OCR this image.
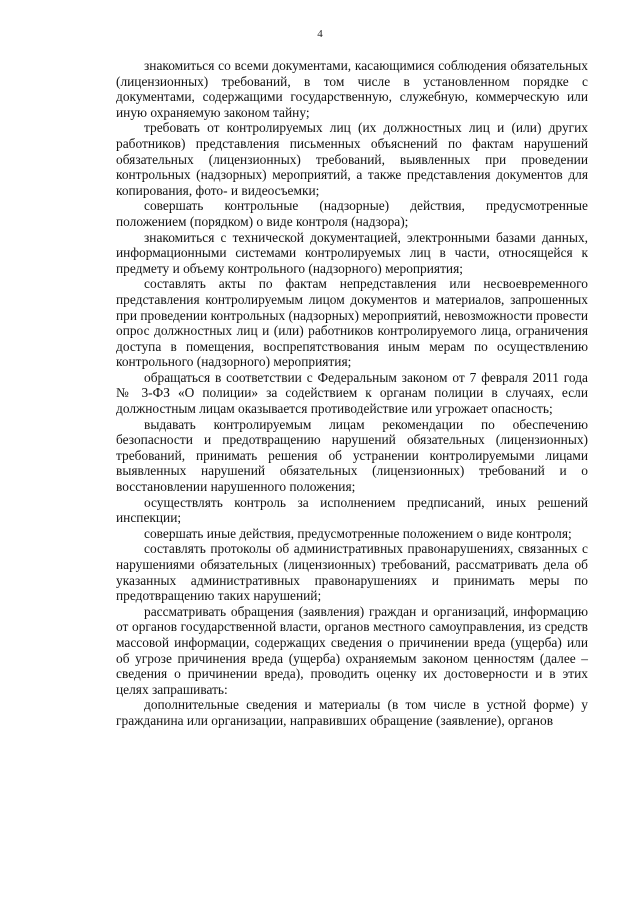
4

знакомиться со всеми документами, касающимися соблюдения обязательных (лицензионных) требований, в том числе в установленном порядке с документами, содержащими государственную, служебную, коммерческую или иную охраняемую законом тайну;

требовать от контролируемых лиц (их должностных лиц и (или) других работников) представления письменных объяснений по фактам нарушений обязательных (лицензионных) требований, выявленных при проведении контрольных (надзорных) мероприятий, а также представления документов для копирования, фото- и видеосъемки;

совершать контрольные (надзорные) действия, предусмотренные положением (порядком) о виде контроля (надзора);

знакомиться с технической документацией, электронными базами данных, информационными системами контролируемых лиц в части, относящейся к предмету и объему контрольного (надзорного) мероприятия;

составлять акты по фактам непредставления или несвоевременного представления контролируемым лицом документов и материалов, запрошенных при проведении контрольных (надзорных) мероприятий, невозможности провести опрос должностных лиц и (или) работников контролируемого лица, ограничения доступа в помещения, воспрепятствования иным мерам по осуществлению контрольного (надзорного) мероприятия;

обращаться в соответствии с Федеральным законом от 7 февраля 2011 года № 3-ФЗ «О полиции» за содействием к органам полиции в случаях, если должностным лицам оказывается противодействие или угрожает опасность;

выдавать контролируемым лицам рекомендации по обеспечению безопасности и предотвращению нарушений обязательных (лицензионных) требований, принимать решения об устранении контролируемыми лицами выявленных нарушений обязательных (лицензионных) требований и о восстановлении нарушенного положения;

осуществлять контроль за исполнением предписаний, иных решений инспекции;

совершать иные действия, предусмотренные положением о виде контроля;

составлять протоколы об административных правонарушениях, связанных с нарушениями обязательных (лицензионных) требований, рассматривать дела об указанных административных правонарушениях и принимать меры по предотвращению таких нарушений;

рассматривать обращения (заявления) граждан и организаций, информацию от органов государственной власти, органов местного самоуправления, из средств массовой информации, содержащих сведения о причинении вреда (ущерба) или об угрозе причинения вреда (ущерба) охраняемым законом ценностям (далее – сведения о причинении вреда), проводить оценку их достоверности и в этих целях запрашивать:

дополнительные сведения и материалы (в том числе в устной форме) у гражданина или организации, направивших обращение (заявление), органов
